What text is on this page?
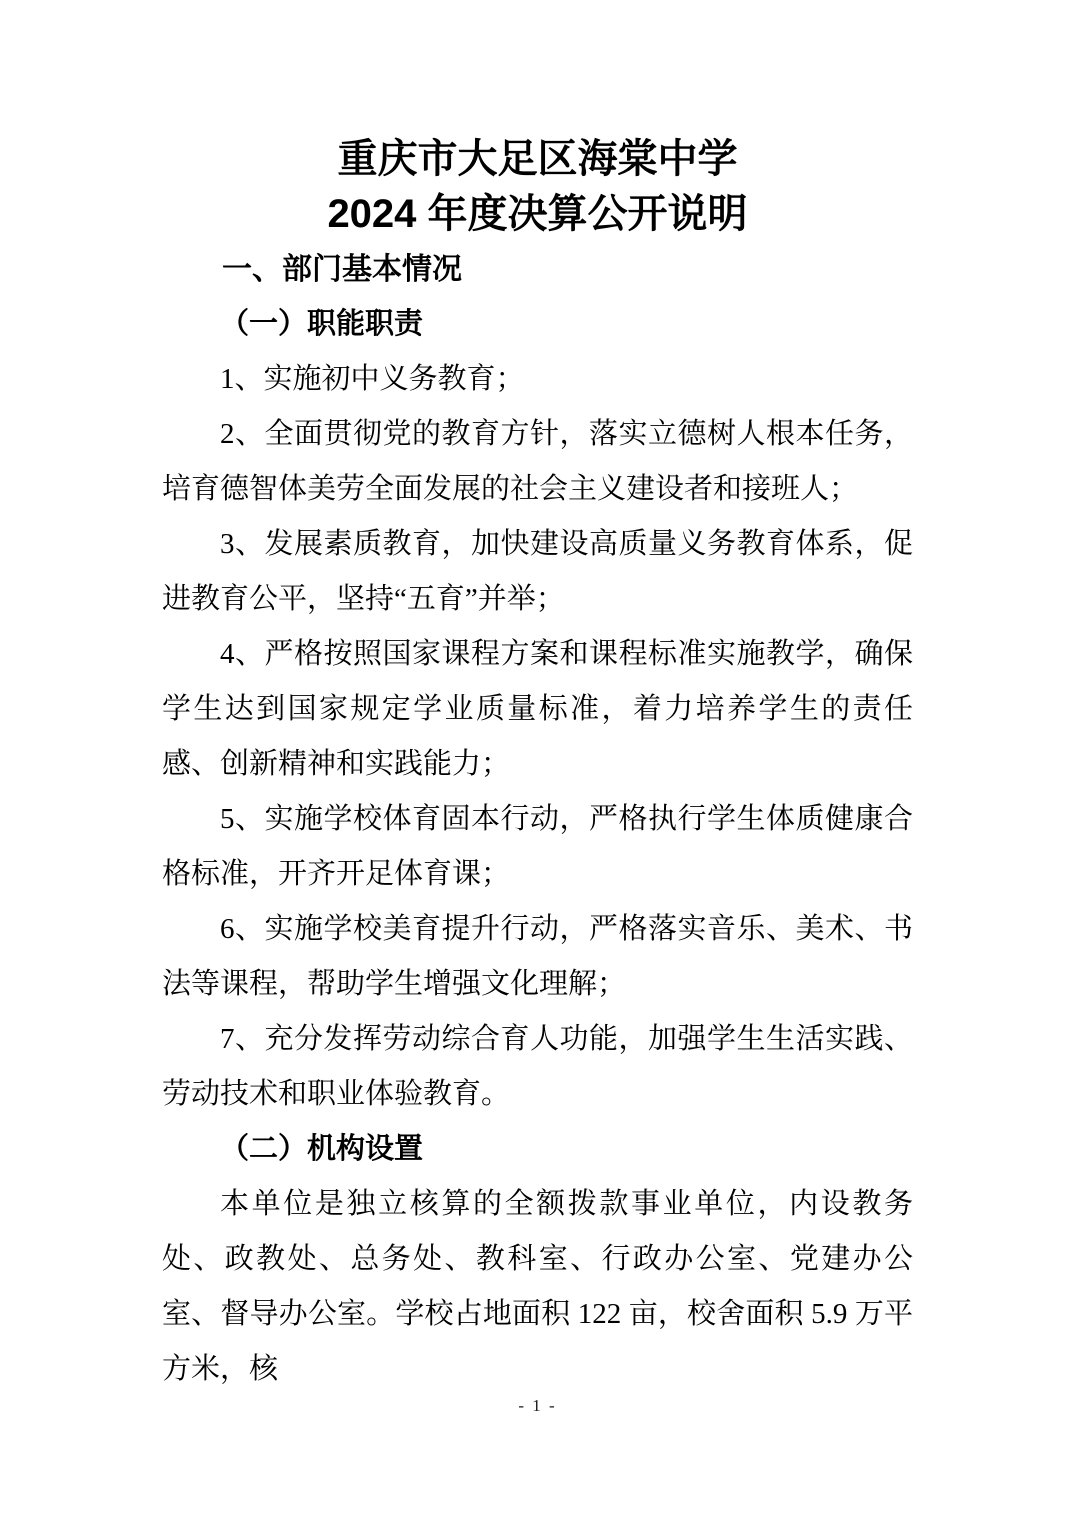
重庆市大足区海棠中学
2024 年度决算公开说明
一、部门基本情况
（一）职能职责
1、实施初中义务教育；
2、全面贯彻党的教育方针，落实立德树人根本任务，培育德智体美劳全面发展的社会主义建设者和接班人；
3、发展素质教育，加快建设高质量义务教育体系，促进教育公平，坚持“五育”并举；
4、严格按照国家课程方案和课程标准实施教学，确保学生达到国家规定学业质量标准，着力培养学生的责任感、创新精神和实践能力；
5、实施学校体育固本行动，严格执行学生体质健康合格标准，开齐开足体育课；
6、实施学校美育提升行动，严格落实音乐、美术、书法等课程，帮助学生增强文化理解；
7、充分发挥劳动综合育人功能，加强学生生活实践、劳动技术和职业体验教育。
（二）机构设置
本单位是独立核算的全额拨款事业单位，内设教务处、政教处、总务处、教科室、行政办公室、党建办公室、督导办公室。学校占地面积 122 亩，校舍面积 5.9 万平方米，核
- 1 -
